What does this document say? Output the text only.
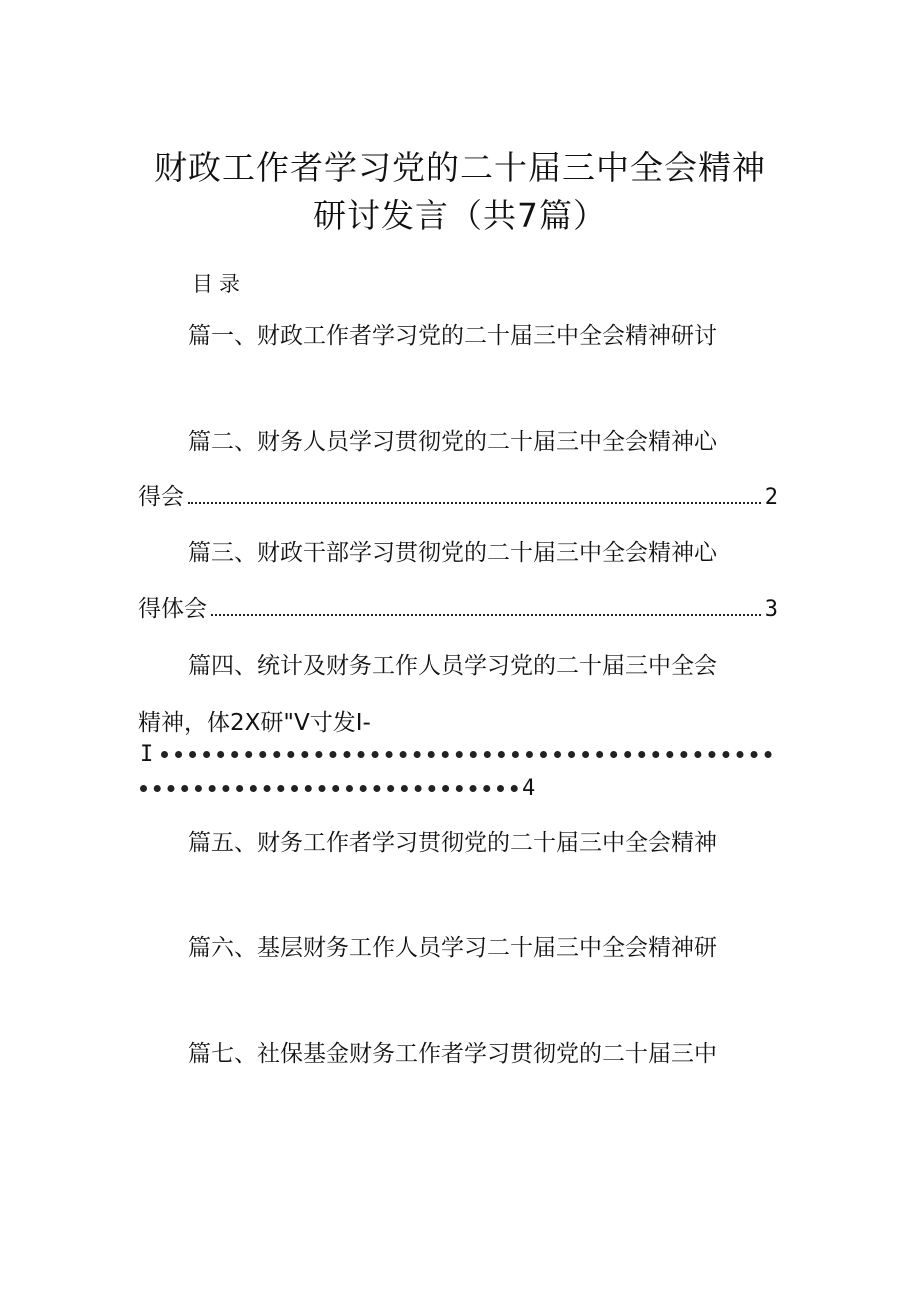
财政工作者学习党的二十届三中全会精神
研讨发言（共7篇）
目录
篇一、财政工作者学习党的二十届三中全会精神研讨
篇二、财务人员学习贯彻党的二十届三中全会精神心
得会	2
篇三、财政干部学习贯彻党的二十届三中全会精神心
得体会	3
篇四、统计及财务工作人员学习党的二十届三中全会
精神，体2X研"V寸发I-
I
4
篇五、财务工作者学习贯彻党的二十届三中全会精神
篇六、基层财务工作人员学习二十届三中全会精神研
篇七、社保基金财务工作者学习贯彻党的二十届三中
